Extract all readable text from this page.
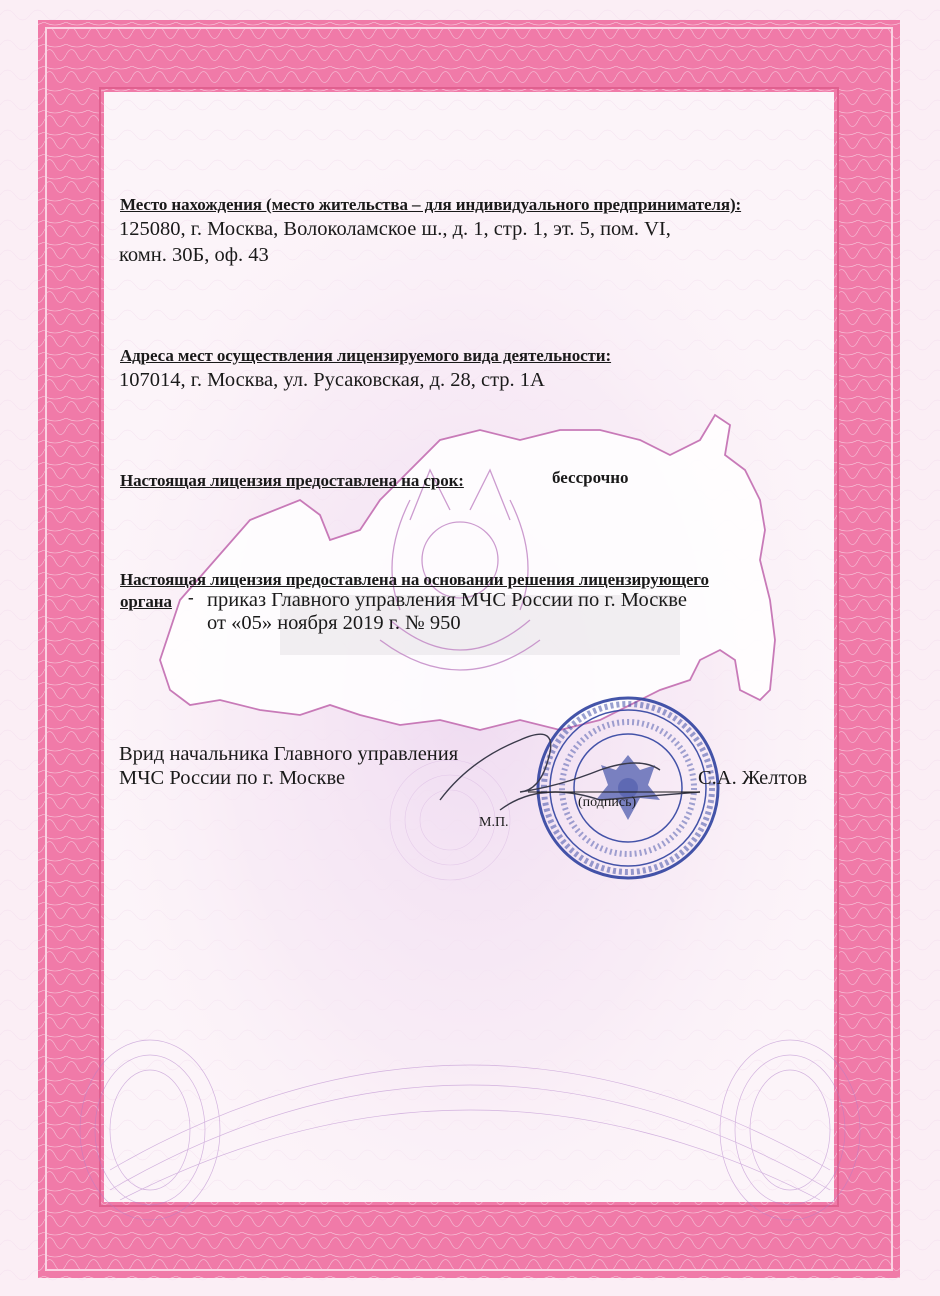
Место нахождения (место жительства – для индивидуального предпринимателя):
125080, г. Москва, Волоколамское ш., д. 1, стр. 1, эт. 5, пом. VI,
комн. 30Б, оф. 43
Адреса мест осуществления лицензируемого вида деятельности:
107014, г. Москва, ул. Русаковская, д. 28, стр. 1А
Настоящая лицензия предоставлена на срок:	бессрочно
Настоящая лицензия предоставлена на основании решения лицензирующего
органа - приказ Главного управления МЧС России по г. Москве
от «05» ноября 2019 г. № 950
Врид начальника Главного управления
МЧС России по г. Москве	С.А. Желтов
(подпись)
М.П.
